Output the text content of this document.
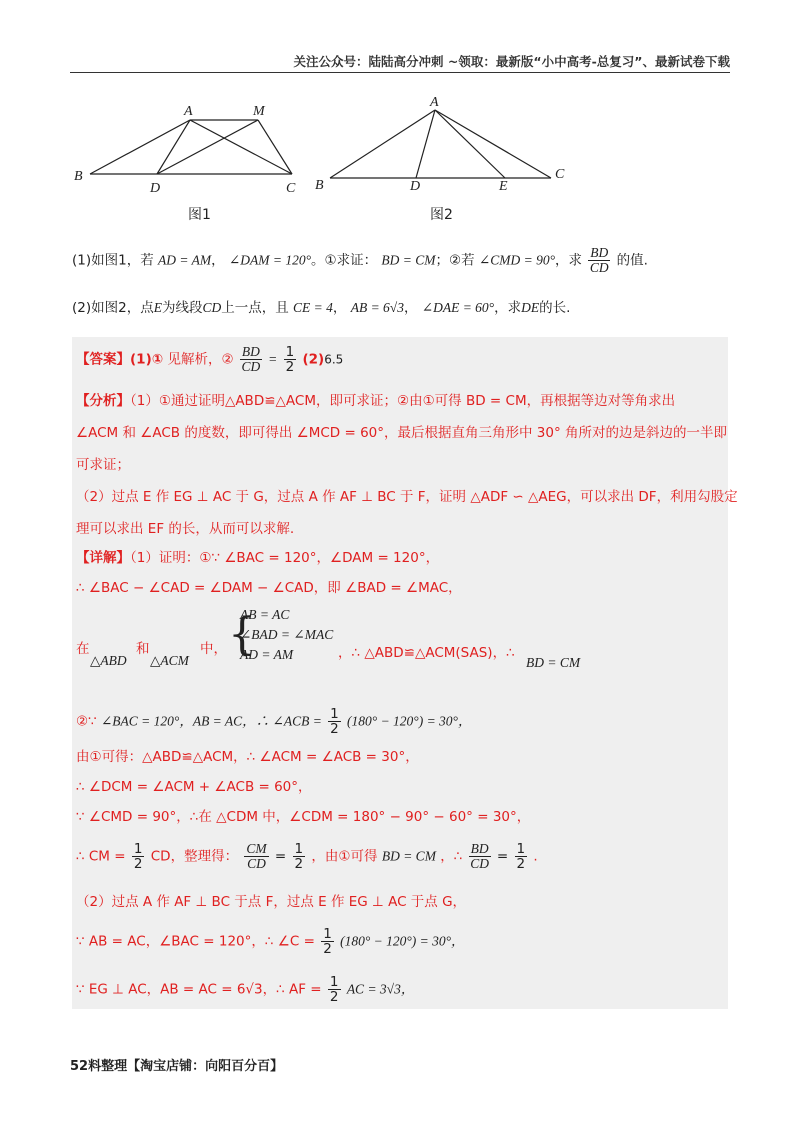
关注公众号：陆陆高分冲刺 ~领取：最新版“小中高考-总复习”、最新试卷下载
A	M
B
D	C
图1
A
B	D	E
C
图2
(1)如图1，若 AD = AM， ∠DAM = 120°。①求证： BD = CM；②若 ∠CMD = 90°，求 $\frac{BD}{CD}$ 的值.
(2)如图2，点E为线段CD上一点，且 CE = 4， AB = 6√3， ∠DAE = 60°，求DE的长.
【答案】(1)① 见解析，② $\frac{BD}{CD} = \frac{1}{2} (2)6.5$
【分析】（1）①通过证明△ABD≌△ACM，即可求证；②由①可得 BD = CM，再根据等边对等角求出
∠ACM 和 ∠ACB 的度数，即可得出 ∠MCD = 60°，最后根据直角三角形中 30° 角所对的边是斜边的一半即
可求证；
（2）过点 E 作 EG ⊥ AC 于 G，过点 A 作 AF ⊥ BC 于 F，证明 △ADF ∽ △AEG，可以求出 DF，利用勾股定
理可以求出 EF 的长，从而可以求解.
【详解】（1）证明：①∵ ∠BAC = 120°，∠DAM = 120°，
∴ ∠BAC − ∠CAD = ∠DAM − ∠CAD，即 ∠BAD = ∠MAC，
在
△ABD
和
△ACM
中， {
AB = AC
∠BAD = ∠MAC
AD = AM	，∴ △ABD≌△ACM(SAS)，∴
BD = CM
②∵ ∠BAC = 120°，AB = AC，∴ ∠ACB = $\frac{1}{2} (180^\circ - 120^\circ) = 30^\circ$，
由①可得：△ABD≌△ACM，∴ ∠ACM = ∠ACB = 30°，
∴ ∠DCM = ∠ACM + ∠ACB = 60°，
∵ ∠CMD = 90°，∴在 △CDM 中，∠CDM = 180° − 90° − 60° = 30°，
∴ CM = $\frac{1}{2}$ CD，整理得： $\frac{CM}{CD} = \frac{1}{2}$ ，由①可得 BD = CM ，∴ $\frac{BD}{CD} = \frac{1}{2}$ .
（2）过点 A 作 AF ⊥ BC 于点 F，过点 E 作 EG ⊥ AC 于点 G，
∵ AB = AC，∠BAC = 120°，∴ ∠C = $\frac{1}{2} (180^\circ - 120^\circ) = 30^\circ$，
∵ EG ⊥ AC，AB = AC = 6√3，∴ AF = $\frac{1}{2}$ AC = 3√3，
52料整理【淘宝店铺：向阳百分百】
